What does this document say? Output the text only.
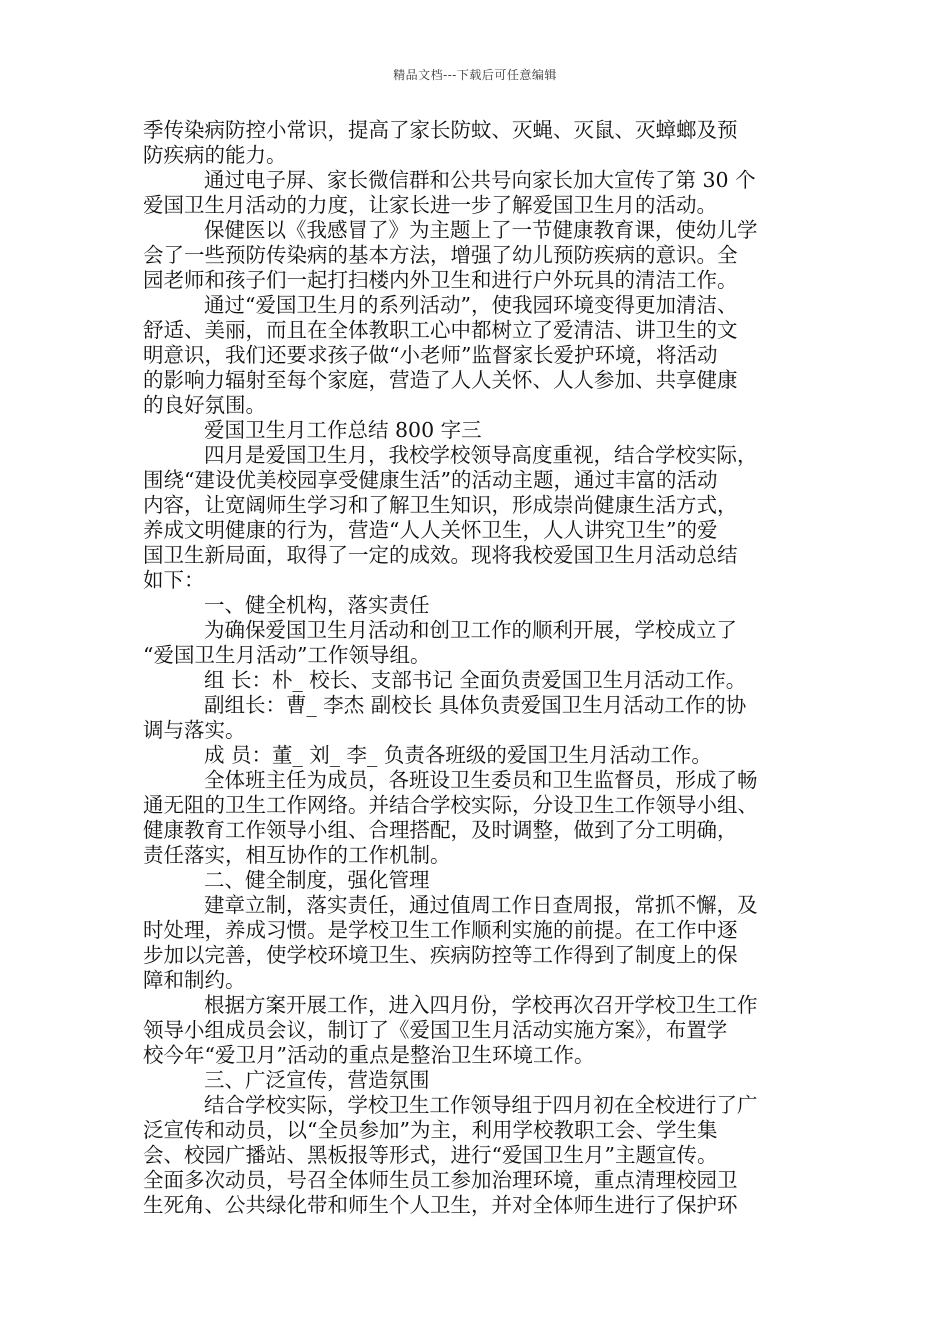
精品文档---下载后可任意编辑
季传染病防控小常识，提高了家长防蚊、灭蝇、灭鼠、灭蟑螂及预
防疾病的能力。
通过电子屏、家长微信群和公共号向家长加大宣传了第 30 个
爱国卫生月活动的力度，让家长进一步了解爱国卫生月的活动。
保健医以《我感冒了》为主题上了一节健康教育课，使幼儿学
会了一些预防传染病的基本方法，增强了幼儿预防疾病的意识。全
园老师和孩子们一起打扫楼内外卫生和进行户外玩具的清洁工作。
通过“爱国卫生月的系列活动”，使我园环境变得更加清洁、
舒适、美丽，而且在全体教职工心中都树立了爱清洁、讲卫生的文
明意识，我们还要求孩子做“小老师”监督家长爱护环境，将活动
的影响力辐射至每个家庭，营造了人人关怀、人人参加、共享健康
的良好氛围。
爱国卫生月工作总结 800 字三
四月是爱国卫生月，我校学校领导高度重视，结合学校实际，
围绕“建设优美校园享受健康生活”的活动主题，通过丰富的活动
内容，让宽阔师生学习和了解卫生知识，形成崇尚健康生活方式，
养成文明健康的行为，营造“人人关怀卫生，人人讲究卫生”的爱
国卫生新局面，取得了一定的成效。现将我校爱国卫生月活动总结
如下：
一、健全机构，落实责任
为确保爱国卫生月活动和创卫工作的顺利开展，学校成立了
“爱国卫生月活动”工作领导组。
组 长：朴_ 校长、支部书记 全面负责爱国卫生月活动工作。
副组长：曹_ 李杰 副校长 具体负责爱国卫生月活动工作的协
调与落实。
成 员：董_ 刘_ 李_ 负责各班级的爱国卫生月活动工作。
全体班主任为成员，各班设卫生委员和卫生监督员，形成了畅
通无阻的卫生工作网络。并结合学校实际，分设卫生工作领导小组、
健康教育工作领导小组、合理搭配，及时调整，做到了分工明确，
责任落实，相互协作的工作机制。
二、健全制度，强化管理
建章立制，落实责任，通过值周工作日查周报，常抓不懈，及
时处理，养成习惯。是学校卫生工作顺利实施的前提。在工作中逐
步加以完善，使学校环境卫生、疾病防控等工作得到了制度上的保
障和制约。
根据方案开展工作，进入四月份，学校再次召开学校卫生工作
领导小组成员会议，制订了《爱国卫生月活动实施方案》，布置学
校今年“爱卫月”活动的重点是整治卫生环境工作。
三、广泛宣传，营造氛围
结合学校实际，学校卫生工作领导组于四月初在全校进行了广
泛宣传和动员，以“全员参加”为主，利用学校教职工会、学生集
会、校园广播站、黑板报等形式，进行“爱国卫生月”主题宣传。
全面多次动员，号召全体师生员工参加治理环境，重点清理校园卫
生死角、公共绿化带和师生个人卫生，并对全体师生进行了保护环
